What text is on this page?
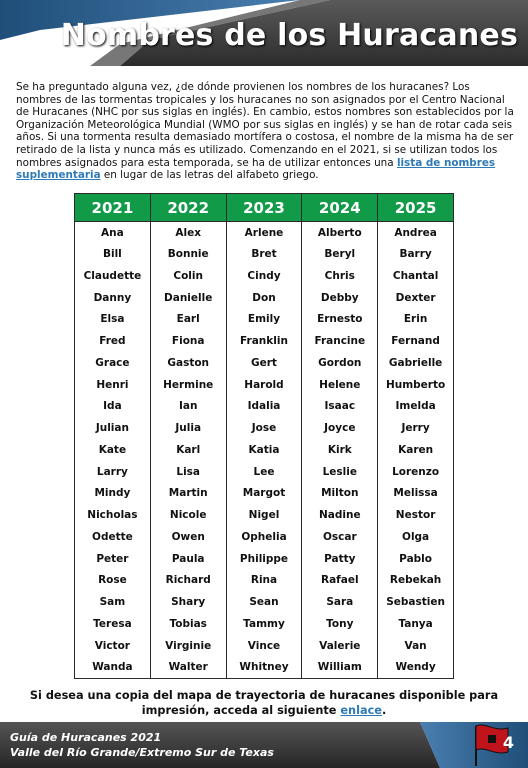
Nombres de los Huracanes

Se ha preguntado alguna vez, ¿de dónde provienen los nombres de los huracanes? Los nombres de las tormentas tropicales y los huracanes no son asignados por el Centro Nacional de Huracanes (NHC por sus siglas en inglés). En cambio, estos nombres son establecidos por la Organización Meteorológica Mundial (WMO por sus siglas en inglés) y se han de rotar cada seis años. Si una tormenta resulta demasiado mortífera o costosa, el nombre de la misma ha de ser retirado de la lista y nunca más es utilizado. Comenzando en el 2021, si se utilizan todos los nombres asignados para esta temporada, se ha de utilizar entonces una lista de nombres suplementaria en lugar de las letras del alfabeto griego.

2021	2022	2023	2024	2025
Ana	Alex	Arlene	Alberto	Andrea
Bill	Bonnie	Bret	Beryl	Barry
Claudette	Colin	Cindy	Chris	Chantal
Danny	Danielle	Don	Debby	Dexter
Elsa	Earl	Emily	Ernesto	Erin
Fred	Fiona	Franklin	Francine	Fernand
Grace	Gaston	Gert	Gordon	Gabrielle
Henri	Hermine	Harold	Helene	Humberto
Ida	Ian	Idalia	Isaac	Imelda
Julian	Julia	Jose	Joyce	Jerry
Kate	Karl	Katia	Kirk	Karen
Larry	Lisa	Lee	Leslie	Lorenzo
Mindy	Martin	Margot	Milton	Melissa
Nicholas	Nicole	Nigel	Nadine	Nestor
Odette	Owen	Ophelia	Oscar	Olga
Peter	Paula	Philippe	Patty	Pablo
Rose	Richard	Rina	Rafael	Rebekah
Sam	Shary	Sean	Sara	Sebastien
Teresa	Tobias	Tammy	Tony	Tanya
Victor	Virginie	Vince	Valerie	Van
Wanda	Walter	Whitney	William	Wendy

Si desea una copia del mapa de trayectoria de huracanes disponible para impresión, acceda al siguiente enlace.

Guía de Huracanes 2021
Valle del Río Grande/Extremo Sur de Texas
4
